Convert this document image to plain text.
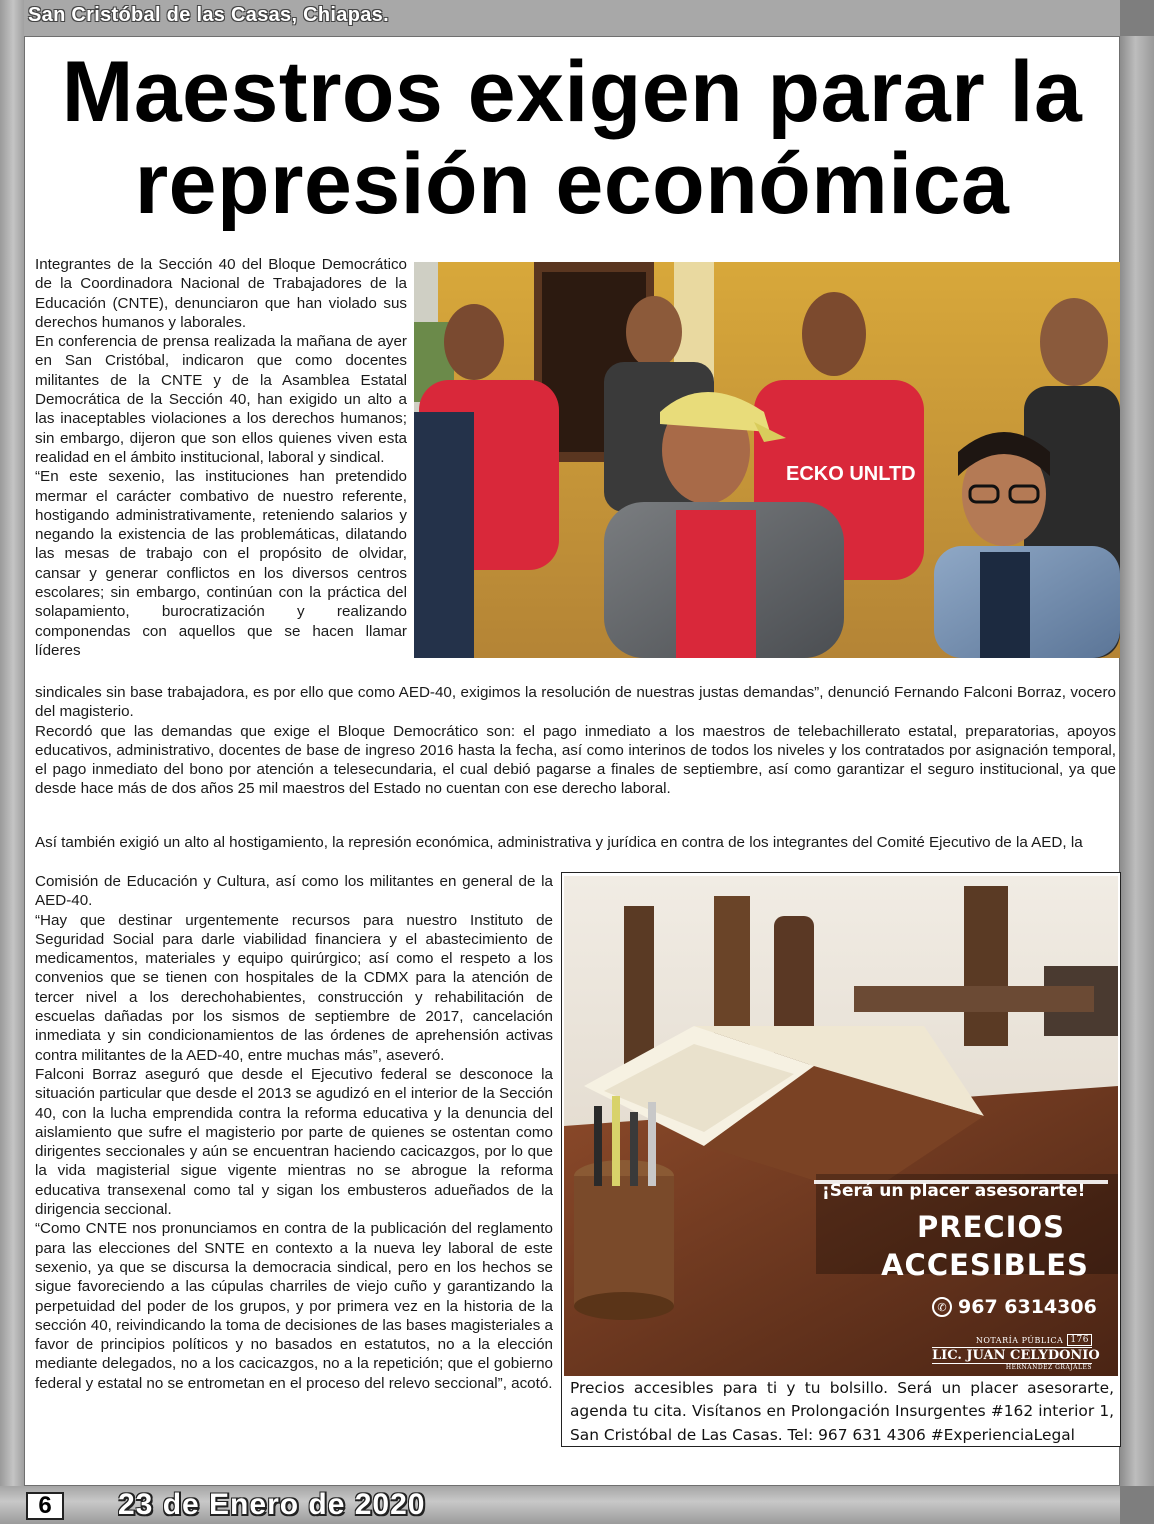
San Cristóbal de las Casas, Chiapas.
Maestros exigen parar la
represión económica

Integrantes de la Sección 40 del Bloque Democrático de la Coordinadora Nacional de Trabajadores de la Educación (CNTE), denunciaron que han violado sus derechos humanos y laborales.

En conferencia de prensa realizada la mañana de ayer en San Cristóbal, indicaron que como docentes militantes de la CNTE y de la Asamblea Estatal Democrática de la Sección 40, han exigido un alto a las inaceptables violaciones a los derechos humanos; sin embargo, dijeron que son ellos quienes viven esta realidad en el ámbito institucional, laboral y sindical.

“En este sexenio, las instituciones han pretendido mermar el carácter combativo de nuestro referente, hostigando administrativamente, reteniendo salarios y negando la existencia de las problemáticas, dilatando las mesas de trabajo con el propósito de olvidar, cansar y generar conflictos en los diversos centros escolares; sin embargo, continúan con la práctica del solapamiento, burocratización y realizando componendas con aquellos que se hacen llamar líderes

ECKO UNLTD

sindicales sin base trabajadora, es por ello que como AED-40, exigimos la resolución de nuestras justas demandas”, denunció Fernando Falconi Borraz, vocero del magisterio.

Recordó que las demandas que exige el Bloque Democrático son: el pago inmediato a los maestros de telebachillerato estatal, preparatorias, apoyos educativos, administrativo, docentes de base de ingreso 2016 hasta la fecha, así como interinos de todos los niveles y los contratados por asignación temporal, el pago inmediato del bono por atención a telesecundaria, el cual debió pagarse a finales de septiembre, así como garantizar el seguro institucional, ya que desde hace más de dos años 25 mil maestros del Estado no cuentan con ese derecho laboral.

Así también exigió un alto al hostigamiento, la represión económica, administrativa y jurídica en contra de los integrantes del Comité Ejecutivo de la AED, la

Comisión de Educación y Cultura, así como los militantes en general de la AED-40.

“Hay que destinar urgentemente recursos para nuestro Instituto de Seguridad Social para darle viabilidad financiera y el abastecimiento de medicamentos, materiales y equipo quirúrgico; así como el respeto a los convenios que se tienen con hospitales de la CDMX para la atención de tercer nivel a los derechohabientes, construcción y rehabilitación de escuelas dañadas por los sismos de septiembre de 2017, cancelación inmediata y sin condicionamientos de las órdenes de aprehensión activas contra militantes de la AED-40, entre muchas más”, aseveró.

Falconi Borraz aseguró que desde el Ejecutivo federal se desconoce la situación particular que desde el 2013 se agudizó en el interior de la Sección 40, con la lucha emprendida contra la reforma educativa y la denuncia del aislamiento que sufre el magisterio por parte de quienes se ostentan como dirigentes seccionales y aún se encuentran haciendo cacicazgos, por lo que la vida magisterial sigue vigente mientras no se abrogue la reforma educativa transexenal como tal y sigan los embusteros adueñados de la dirigencia seccional.

“Como CNTE nos pronunciamos en contra de la publicación del reglamento para las elecciones del SNTE en contexto a la nueva ley laboral de este sexenio, ya que se discursa la democracia sindical, pero en los hechos se sigue favoreciendo a las cúpulas charriles de viejo cuño y garantizando la perpetuidad del poder de los grupos, y por primera vez en la historia de la sección 40, reivindicando la toma de decisiones de las bases magisteriales a favor de principios políticos y no basados en estatutos, no a la elección mediante delegados, no a los cacicazgos, no a la repetición; que el gobierno federal y estatal no se entrometan en el proceso del relevo seccional”, acotó.

¡Será un placer asesorarte!
PRECIOS
ACCESIBLES
✆ 967 6314306
NOTARÍA PÚBLICA 176
LIC. JUAN CELYDONIO
HERNANDEZ GRAJALES
Precios accesibles para ti y tu bolsillo. Será un placer asesorarte, agenda tu cita. Visítanos en Prolongación Insurgentes #162 interior 1, San Cristóbal de Las Casas. Tel: 967 631 4306 #ExperienciaLegal
6	23 de Enero de 2020
